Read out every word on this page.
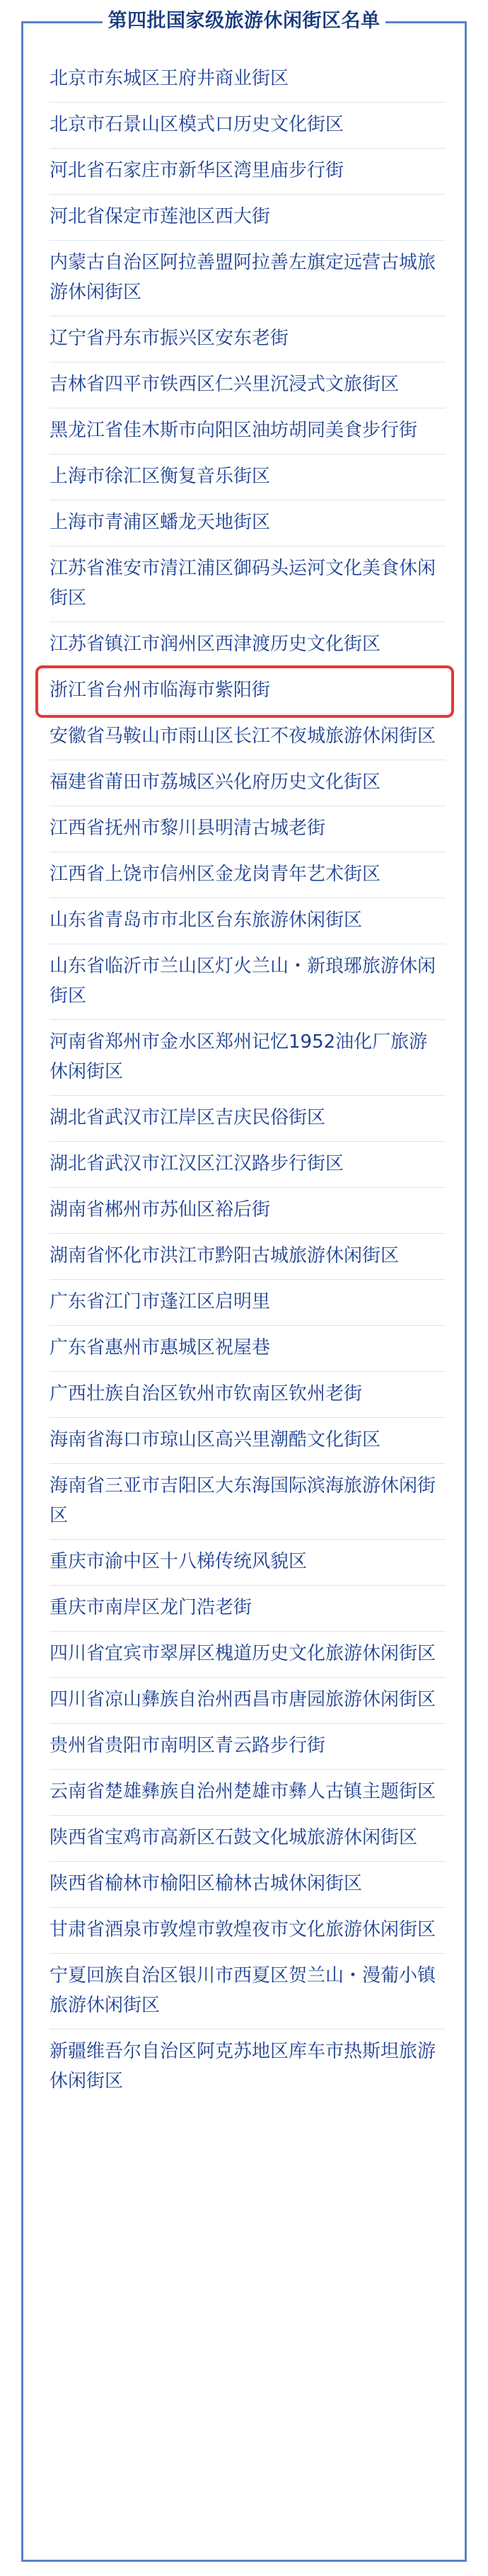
第四批国家级旅游休闲街区名单
北京市东城区王府井商业街区
北京市石景山区模式口历史文化街区
河北省石家庄市新华区湾里庙步行街
河北省保定市莲池区西大街
内蒙古自治区阿拉善盟阿拉善左旗定远营古城旅游休闲街区
辽宁省丹东市振兴区安东老街
吉林省四平市铁西区仁兴里沉浸式文旅街区
黑龙江省佳木斯市向阳区油坊胡同美食步行街
上海市徐汇区衡复音乐街区
上海市青浦区蟠龙天地街区
江苏省淮安市清江浦区御码头运河文化美食休闲街区
江苏省镇江市润州区西津渡历史文化街区
浙江省台州市临海市紫阳街
安徽省马鞍山市雨山区长江不夜城旅游休闲街区
福建省莆田市荔城区兴化府历史文化街区
江西省抚州市黎川县明清古城老街
江西省上饶市信州区金龙岗青年艺术街区
山东省青岛市市北区台东旅游休闲街区
山东省临沂市兰山区灯火兰山・新琅琊旅游休闲街区
河南省郑州市金水区郑州记忆1952油化厂旅游休闲街区
湖北省武汉市江岸区吉庆民俗街区
湖北省武汉市江汉区江汉路步行街区
湖南省郴州市苏仙区裕后街
湖南省怀化市洪江市黔阳古城旅游休闲街区
广东省江门市蓬江区启明里
广东省惠州市惠城区祝屋巷
广西壮族自治区钦州市钦南区钦州老街
海南省海口市琼山区高兴里潮酷文化街区
海南省三亚市吉阳区大东海国际滨海旅游休闲街区
重庆市渝中区十八梯传统风貌区
重庆市南岸区龙门浩老街
四川省宜宾市翠屏区槐道历史文化旅游休闲街区
四川省凉山彝族自治州西昌市唐园旅游休闲街区
贵州省贵阳市南明区青云路步行街
云南省楚雄彝族自治州楚雄市彝人古镇主题街区
陕西省宝鸡市高新区石鼓文化城旅游休闲街区
陕西省榆林市榆阳区榆林古城休闲街区
甘肃省酒泉市敦煌市敦煌夜市文化旅游休闲街区
宁夏回族自治区银川市西夏区贺兰山・漫葡小镇旅游休闲街区
新疆维吾尔自治区阿克苏地区库车市热斯坦旅游休闲街区
